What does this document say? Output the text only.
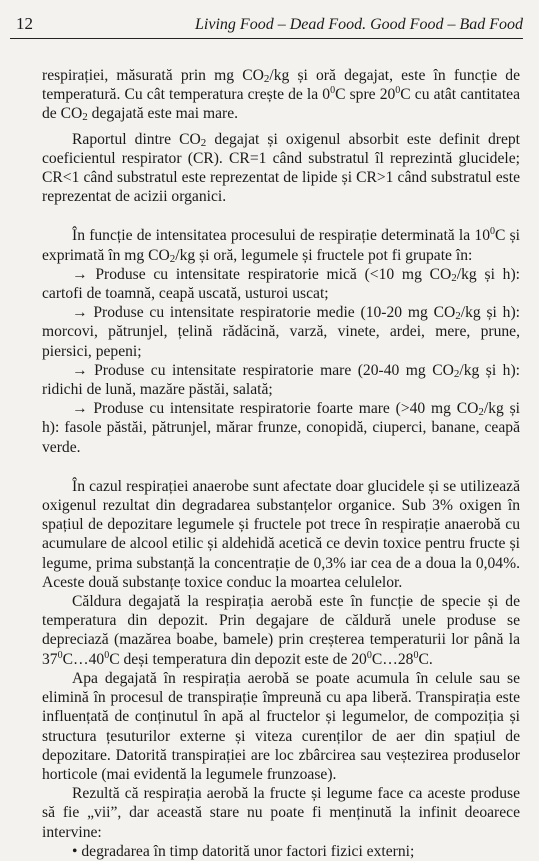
12	Living Food – Dead Food. Good Food – Bad Food

respirației, măsurată prin mg CO2/kg și oră degajat, este în funcție de temperatură. Cu cât temperatura crește de la $0^0C$ spre $20^0C$ cu atât cantitatea de CO2 degajată este mai mare.

Raportul dintre CO2 degajat și oxigenul absorbit este definit drept coeficientul respirator (CR). CR=1 când substratul îl reprezintă glucidele; CR<1 când substratul este reprezentat de lipide și CR>1 când substratul este reprezentat de acizii organici.

În funcție de intensitatea procesului de respirație determinată la $10^0C$ și exprimată în mg CO2/kg și oră, legumele și fructele pot fi grupate în:
→ Produse cu intensitate respiratorie mică (<10 mg CO2/kg și h): cartofi de toamnă, ceapă uscată, usturoi uscat;
→ Produse cu intensitate respiratorie medie (10-20 mg CO2/kg și h): morcovi, pătrunjel, țelină rădăcină, varză, vinete, ardei, mere, prune, piersici, pepeni;
→ Produse cu intensitate respiratorie mare (20-40 mg CO2/kg și h): ridichi de lună, mazăre păstăi, salată;
→ Produse cu intensitate respiratorie foarte mare (>40 mg CO2/kg și h): fasole păstăi, pătrunjel, mărar frunze, conopidă, ciuperci, banane, ceapă verde.

În cazul respirației anaerobe sunt afectate doar glucidele și se utilizează oxigenul rezultat din degradarea substanțelor organice. Sub 3% oxigen în spațiul de depozitare legumele și fructele pot trece în respirație anaerobă cu acumulare de alcool etilic și aldehidă acetică ce devin toxice pentru fructe și legume, prima substanță la concentrație de 0,3% iar cea de a doua la 0,04%. Aceste două substanțe toxice conduc la moartea celulelor.

Căldura degajată la respirația aerobă este în funcție de specie și de temperatura din depozit. Prin degajare de căldură unele produse se depreciază (mazărea boabe, bamele) prin creșterea temperaturii lor până la $37^0C\dots 40^0C$ deși temperatura din depozit este de $20^0C\dots 28^0C$.

Apa degajată în respirația aerobă se poate acumula în celule sau se elimină în procesul de transpirație împreună cu apa liberă. Transpirația este influențată de conținutul în apă al fructelor și legumelor, de compoziția și structura țesuturilor externe și viteza curenților de aer din spațiul de depozitare. Datorită transpirației are loc zbârcirea sau veștezirea produselor horticole (mai evidentă la legumele frunzoase).

Rezultă că respirația aerobă la fructe și legume face ca aceste produse să fie „vii”, dar această stare nu poate fi menținută la infinit deoarece intervine:

• degradarea în timp datorită unor factori fizici externi;
